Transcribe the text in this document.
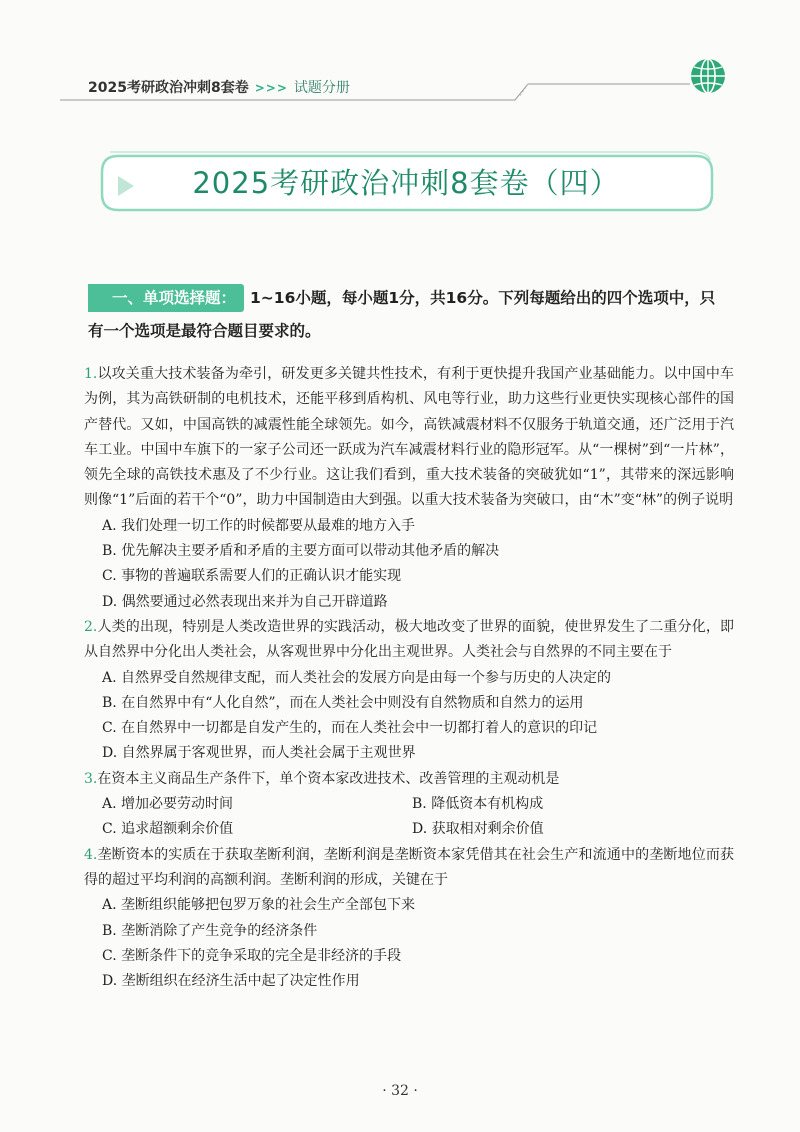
2025考研政治冲刺8套卷 >>> 试题分册
2025考研政治冲刺8套卷（四）
一、单项选择题： 1~16小题，每小题1分，共16分。下列每题给出的四个选项中，只有一个选项是最符合题目要求的。
1.以攻关重大技术装备为牵引，研发更多关键共性技术，有利于更快提升我国产业基础能力。以中国中车为例，其为高铁研制的电机技术，还能平移到盾构机、风电等行业，助力这些行业更快实现核心部件的国产替代。又如，中国高铁的减震性能全球领先。如今，高铁减震材料不仅服务于轨道交通，还广泛用于汽车工业。中国中车旗下的一家子公司还一跃成为汽车减震材料行业的隐形冠军。从“一棵树”到“一片林”，领先全球的高铁技术惠及了不少行业。这让我们看到，重大技术装备的突破犹如“1”，其带来的深远影响则像“1”后面的若干个“0”，助力中国制造由大到强。以重大技术装备为突破口，由“木”变“林”的例子说明
A. 我们处理一切工作的时候都要从最难的地方入手
B. 优先解决主要矛盾和矛盾的主要方面可以带动其他矛盾的解决
C. 事物的普遍联系需要人们的正确认识才能实现
D. 偶然要通过必然表现出来并为自己开辟道路
2.人类的出现，特别是人类改造世界的实践活动，极大地改变了世界的面貌，使世界发生了二重分化，即从自然界中分化出人类社会，从客观世界中分化出主观世界。人类社会与自然界的不同主要在于
A. 自然界受自然规律支配，而人类社会的发展方向是由每一个参与历史的人决定的
B. 在自然界中有“人化自然”，而在人类社会中则没有自然物质和自然力的运用
C. 在自然界中一切都是自发产生的，而在人类社会中一切都打着人的意识的印记
D. 自然界属于客观世界，而人类社会属于主观世界
3.在资本主义商品生产条件下，单个资本家改进技术、改善管理的主观动机是
A. 增加必要劳动时间	B. 降低资本有机构成
C. 追求超额剩余价值	D. 获取相对剩余价值
4.垄断资本的实质在于获取垄断利润，垄断利润是垄断资本家凭借其在社会生产和流通中的垄断地位而获得的超过平均利润的高额利润。垄断利润的形成，关键在于
A. 垄断组织能够把包罗万象的社会生产全部包下来
B. 垄断消除了产生竞争的经济条件
C. 垄断条件下的竞争采取的完全是非经济的手段
D. 垄断组织在经济生活中起了决定性作用
· 32 ·
